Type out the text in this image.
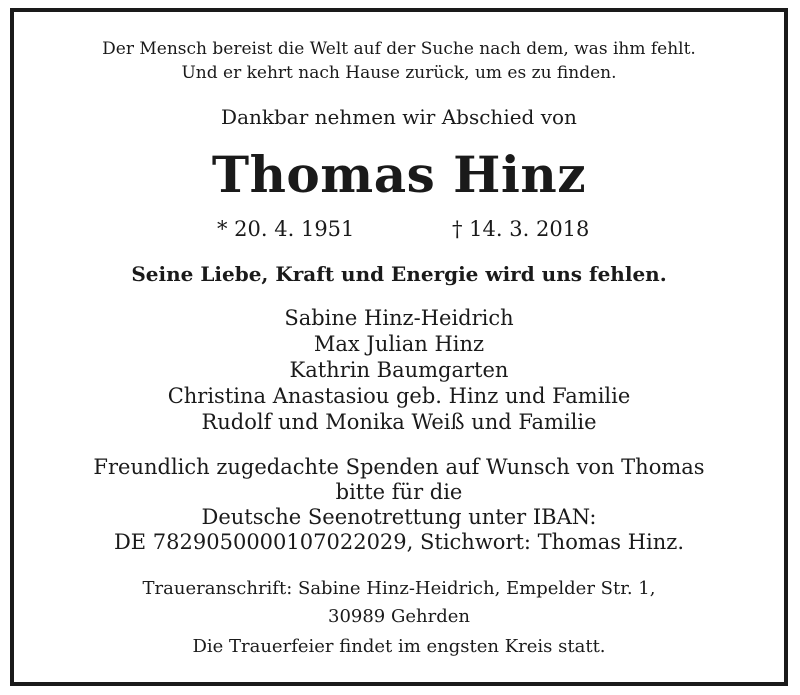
Der Mensch bereist die Welt auf der Suche nach dem, was ihm fehlt.
Und er kehrt nach Hause zurück, um es zu finden.
Dankbar nehmen wir Abschied von
Thomas Hinz
* 20. 4. 1951	† 14. 3. 2018
Seine Liebe, Kraft und Energie wird uns fehlen.
Sabine Hinz-Heidrich
Max Julian Hinz
Kathrin Baumgarten
Christina Anastasiou geb. Hinz und Familie
Rudolf und Monika Weiß und Familie
Freundlich zugedachte Spenden auf Wunsch von Thomas
bitte für die
Deutsche Seenotrettung unter IBAN:
DE 78290500001070220​29, Stichwort: Thomas Hinz.
Traueranschrift: Sabine Hinz-Heidrich, Empelder Str. 1,
30989 Gehrden
Die Trauerfeier findet im engsten Kreis statt.
